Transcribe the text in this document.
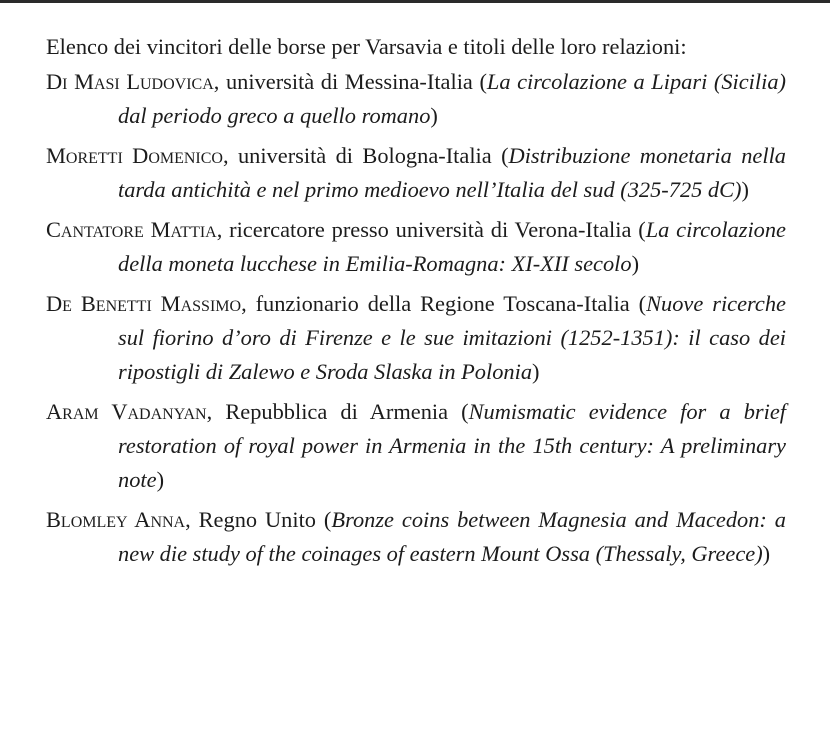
Elenco dei vincitori delle borse per Varsavia e titoli delle loro relazioni:

Di Masi Ludovica, università di Messina-Italia (La circolazione a Lipari (Sicilia) dal periodo greco a quello romano)

Moretti Domenico, università di Bologna-Italia (Distribuzione monetaria nella tarda antichità e nel primo medioevo nell’Italia del sud (325-725 dC))

Cantatore Mattia, ricercatore presso università di Verona-Italia (La circolazione della moneta lucchese in Emilia-Romagna: XI-XII secolo)

De Benetti Massimo, funzionario della Regione Toscana-Italia (Nuove ricerche sul fiorino d’oro di Firenze e le sue imitazioni (1252-1351): il caso dei ripostigli di Zalewo e Sroda Slaska in Polonia)

Aram Vadanyan, Repubblica di Armenia (Numismatic evidence for a brief restoration of royal power in Armenia in the 15th century: A preliminary note)

Blomley Anna, Regno Unito (Bronze coins between Magnesia and Macedon: a new die study of the coinages of eastern Mount Ossa (Thessaly, Greece))
